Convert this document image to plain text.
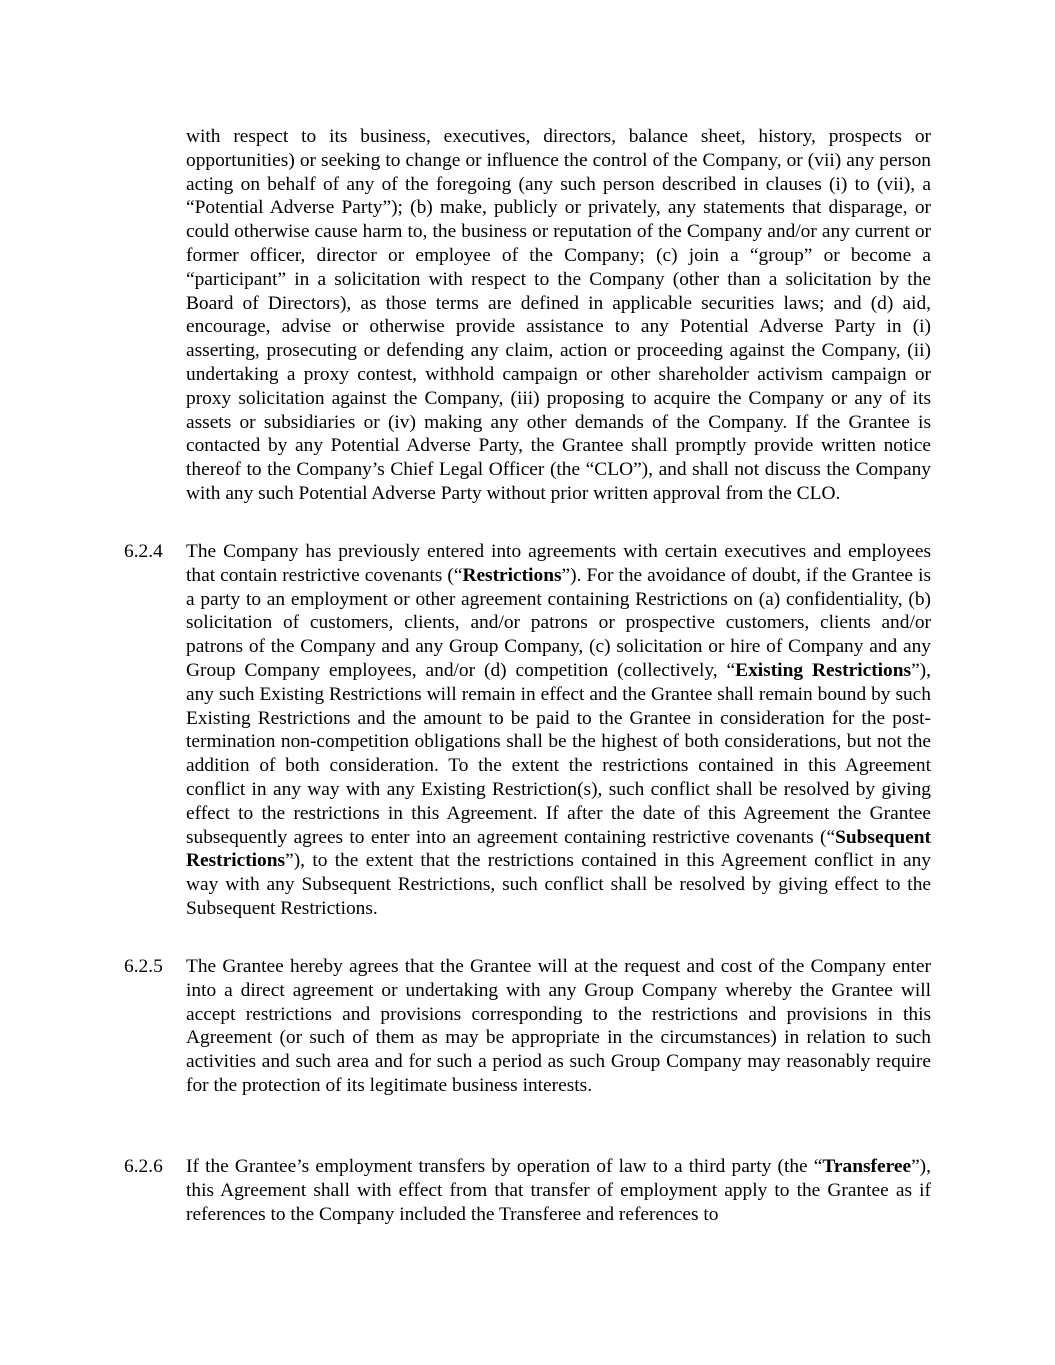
with respect to its business, executives, directors, balance sheet, history, prospects or opportunities) or seeking to change or influence the control of the Company, or (vii) any person acting on behalf of any of the foregoing (any such person described in clauses (i) to (vii), a “Potential Adverse Party”); (b) make, publicly or privately, any statements that disparage, or could otherwise cause harm to, the business or reputation of the Company and/or any current or former officer, director or employee of the Company; (c) join a “group” or become a “participant” in a solicitation with respect to the Company (other than a solicitation by the Board of Directors), as those terms are defined in applicable securities laws; and (d) aid, encourage, advise or otherwise provide assistance to any Potential Adverse Party in (i) asserting, prosecuting or defending any claim, action or proceeding against the Company, (ii) undertaking a proxy contest, withhold campaign or other shareholder activism campaign or proxy solicitation against the Company, (iii) proposing to acquire the Company or any of its assets or subsidiaries or (iv) making any other demands of the Company. If the Grantee is contacted by any Potential Adverse Party, the Grantee shall promptly provide written notice thereof to the Company’s Chief Legal Officer (the “CLO”), and shall not discuss the Company with any such Potential Adverse Party without prior written approval from the CLO.

6.2.4	The Company has previously entered into agreements with certain executives and employees that contain restrictive covenants (“Restrictions”). For the avoidance of doubt, if the Grantee is a party to an employment or other agreement containing Restrictions on (a) confidentiality, (b) solicitation of customers, clients, and/or patrons or prospective customers, clients and/or patrons of the Company and any Group Company, (c) solicitation or hire of Company and any Group Company employees, and/or (d) competition (collectively, “Existing Restrictions”), any such Existing Restrictions will remain in effect and the Grantee shall remain bound by such Existing Restrictions and the amount to be paid to the Grantee in consideration for the post-termination non-competition obligations shall be the highest of both considerations, but not the addition of both consideration. To the extent the restrictions contained in this Agreement conflict in any way with any Existing Restriction(s), such conflict shall be resolved by giving effect to the restrictions in this Agreement. If after the date of this Agreement the Grantee subsequently agrees to enter into an agreement containing restrictive covenants (“Subsequent Restrictions”), to the extent that the restrictions contained in this Agreement conflict in any way with any Subsequent Restrictions, such conflict shall be resolved by giving effect to the Subsequent Restrictions.
6.2.5	The Grantee hereby agrees that the Grantee will at the request and cost of the Company enter into a direct agreement or undertaking with any Group Company whereby the Grantee will accept restrictions and provisions corresponding to the restrictions and provisions in this Agreement (or such of them as may be appropriate in the circumstances) in relation to such activities and such area and for such a period as such Group Company may reasonably require for the protection of its legitimate business interests.
6.2.6	If the Grantee’s employment transfers by operation of law to a third party (the “Transferee”), this Agreement shall with effect from that transfer of employment apply to the Grantee as if references to the Company included the Transferee and references to
